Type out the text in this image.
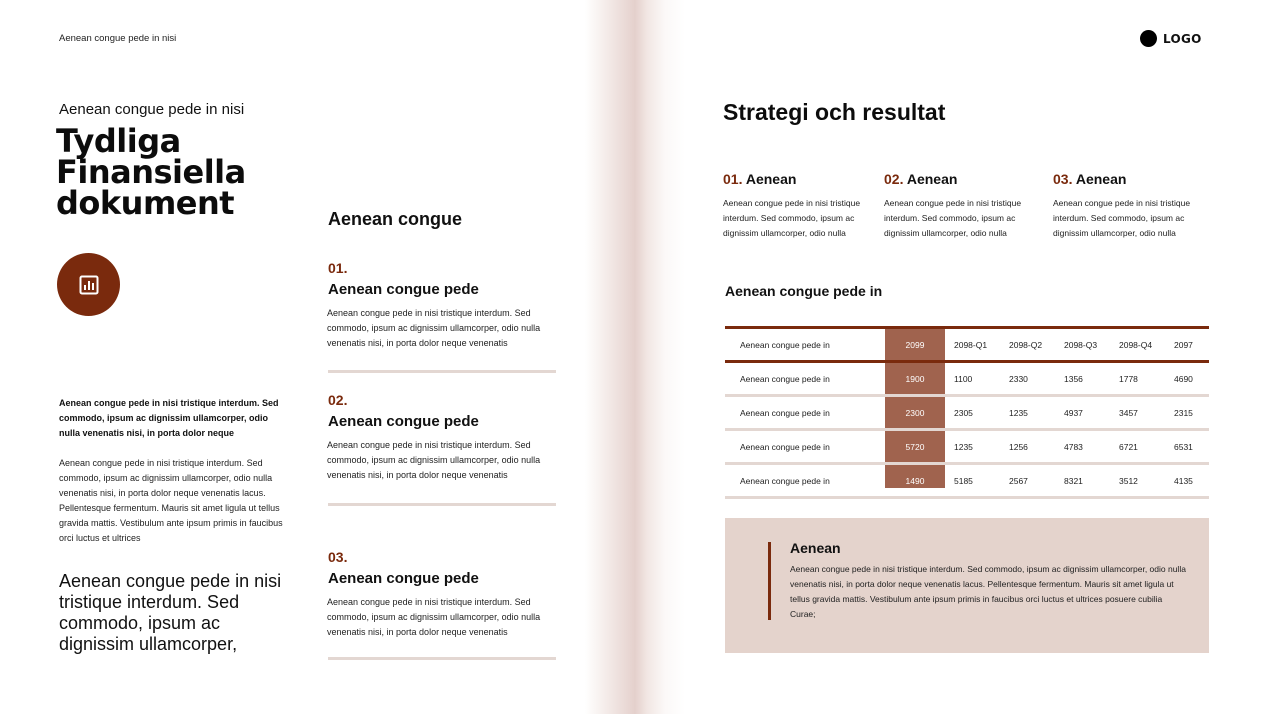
Aenean congue pede in nisi
Aenean congue pede in nisi
Tydliga Finansiella dokument
Aenean congue pede in nisi tristique interdum. Sed commodo, ipsum ac dignissim ullamcorper, odio nulla venenatis nisi, in porta dolor neque
Aenean congue pede in nisi tristique interdum. Sed commodo, ipsum ac dignissim ullamcorper, odio nulla venenatis nisi, in porta dolor neque venenatis lacus. Pellentesque fermentum. Mauris sit amet ligula ut tellus gravida mattis. Vestibulum ante ipsum primis in faucibus orci luctus et ultrices
Aenean congue pede in nisi tristique interdum. Sed commodo, ipsum ac dignissim ullamcorper,
Aenean congue
01.
Aenean congue pede
Aenean congue pede in nisi tristique interdum. Sed commodo, ipsum ac dignissim ullamcorper, odio nulla venenatis nisi, in porta dolor neque venenatis
02.
Aenean congue pede
Aenean congue pede in nisi tristique interdum. Sed commodo, ipsum ac dignissim ullamcorper, odio nulla venenatis nisi, in porta dolor neque venenatis
03.
Aenean congue pede
Aenean congue pede in nisi tristique interdum. Sed commodo, ipsum ac dignissim ullamcorper, odio nulla venenatis nisi, in porta dolor neque venenatis
LOGO
Strategi och resultat
01. Aenean
Aenean congue pede in nisi tristique interdum. Sed commodo, ipsum ac dignissim ullamcorper, odio nulla
02. Aenean
Aenean congue pede in nisi tristique interdum. Sed commodo, ipsum ac dignissim ullamcorper, odio nulla
03. Aenean
Aenean congue pede in nisi tristique interdum. Sed commodo, ipsum ac dignissim ullamcorper, odio nulla
Aenean congue pede in
Aenean congue pede in	2099	2098-Q1	2098-Q2	2098-Q3	2098-Q4	2097
Aenean congue pede in	1900	1100	2330	1356	1778	4690
Aenean congue pede in	2300	2305	1235	4937	3457	2315
Aenean congue pede in	5720	1235	1256	4783	6721	6531
Aenean congue pede in	1490	5185	2567	8321	3512	4135
Aenean
Aenean congue pede in nisi tristique interdum. Sed commodo, ipsum ac dignissim ullamcorper, odio nulla venenatis nisi, in porta dolor neque venenatis lacus. Pellentesque fermentum. Mauris sit amet ligula ut tellus gravida mattis. Vestibulum ante ipsum primis in faucibus orci luctus et ultrices posuere cubilia Curae;
